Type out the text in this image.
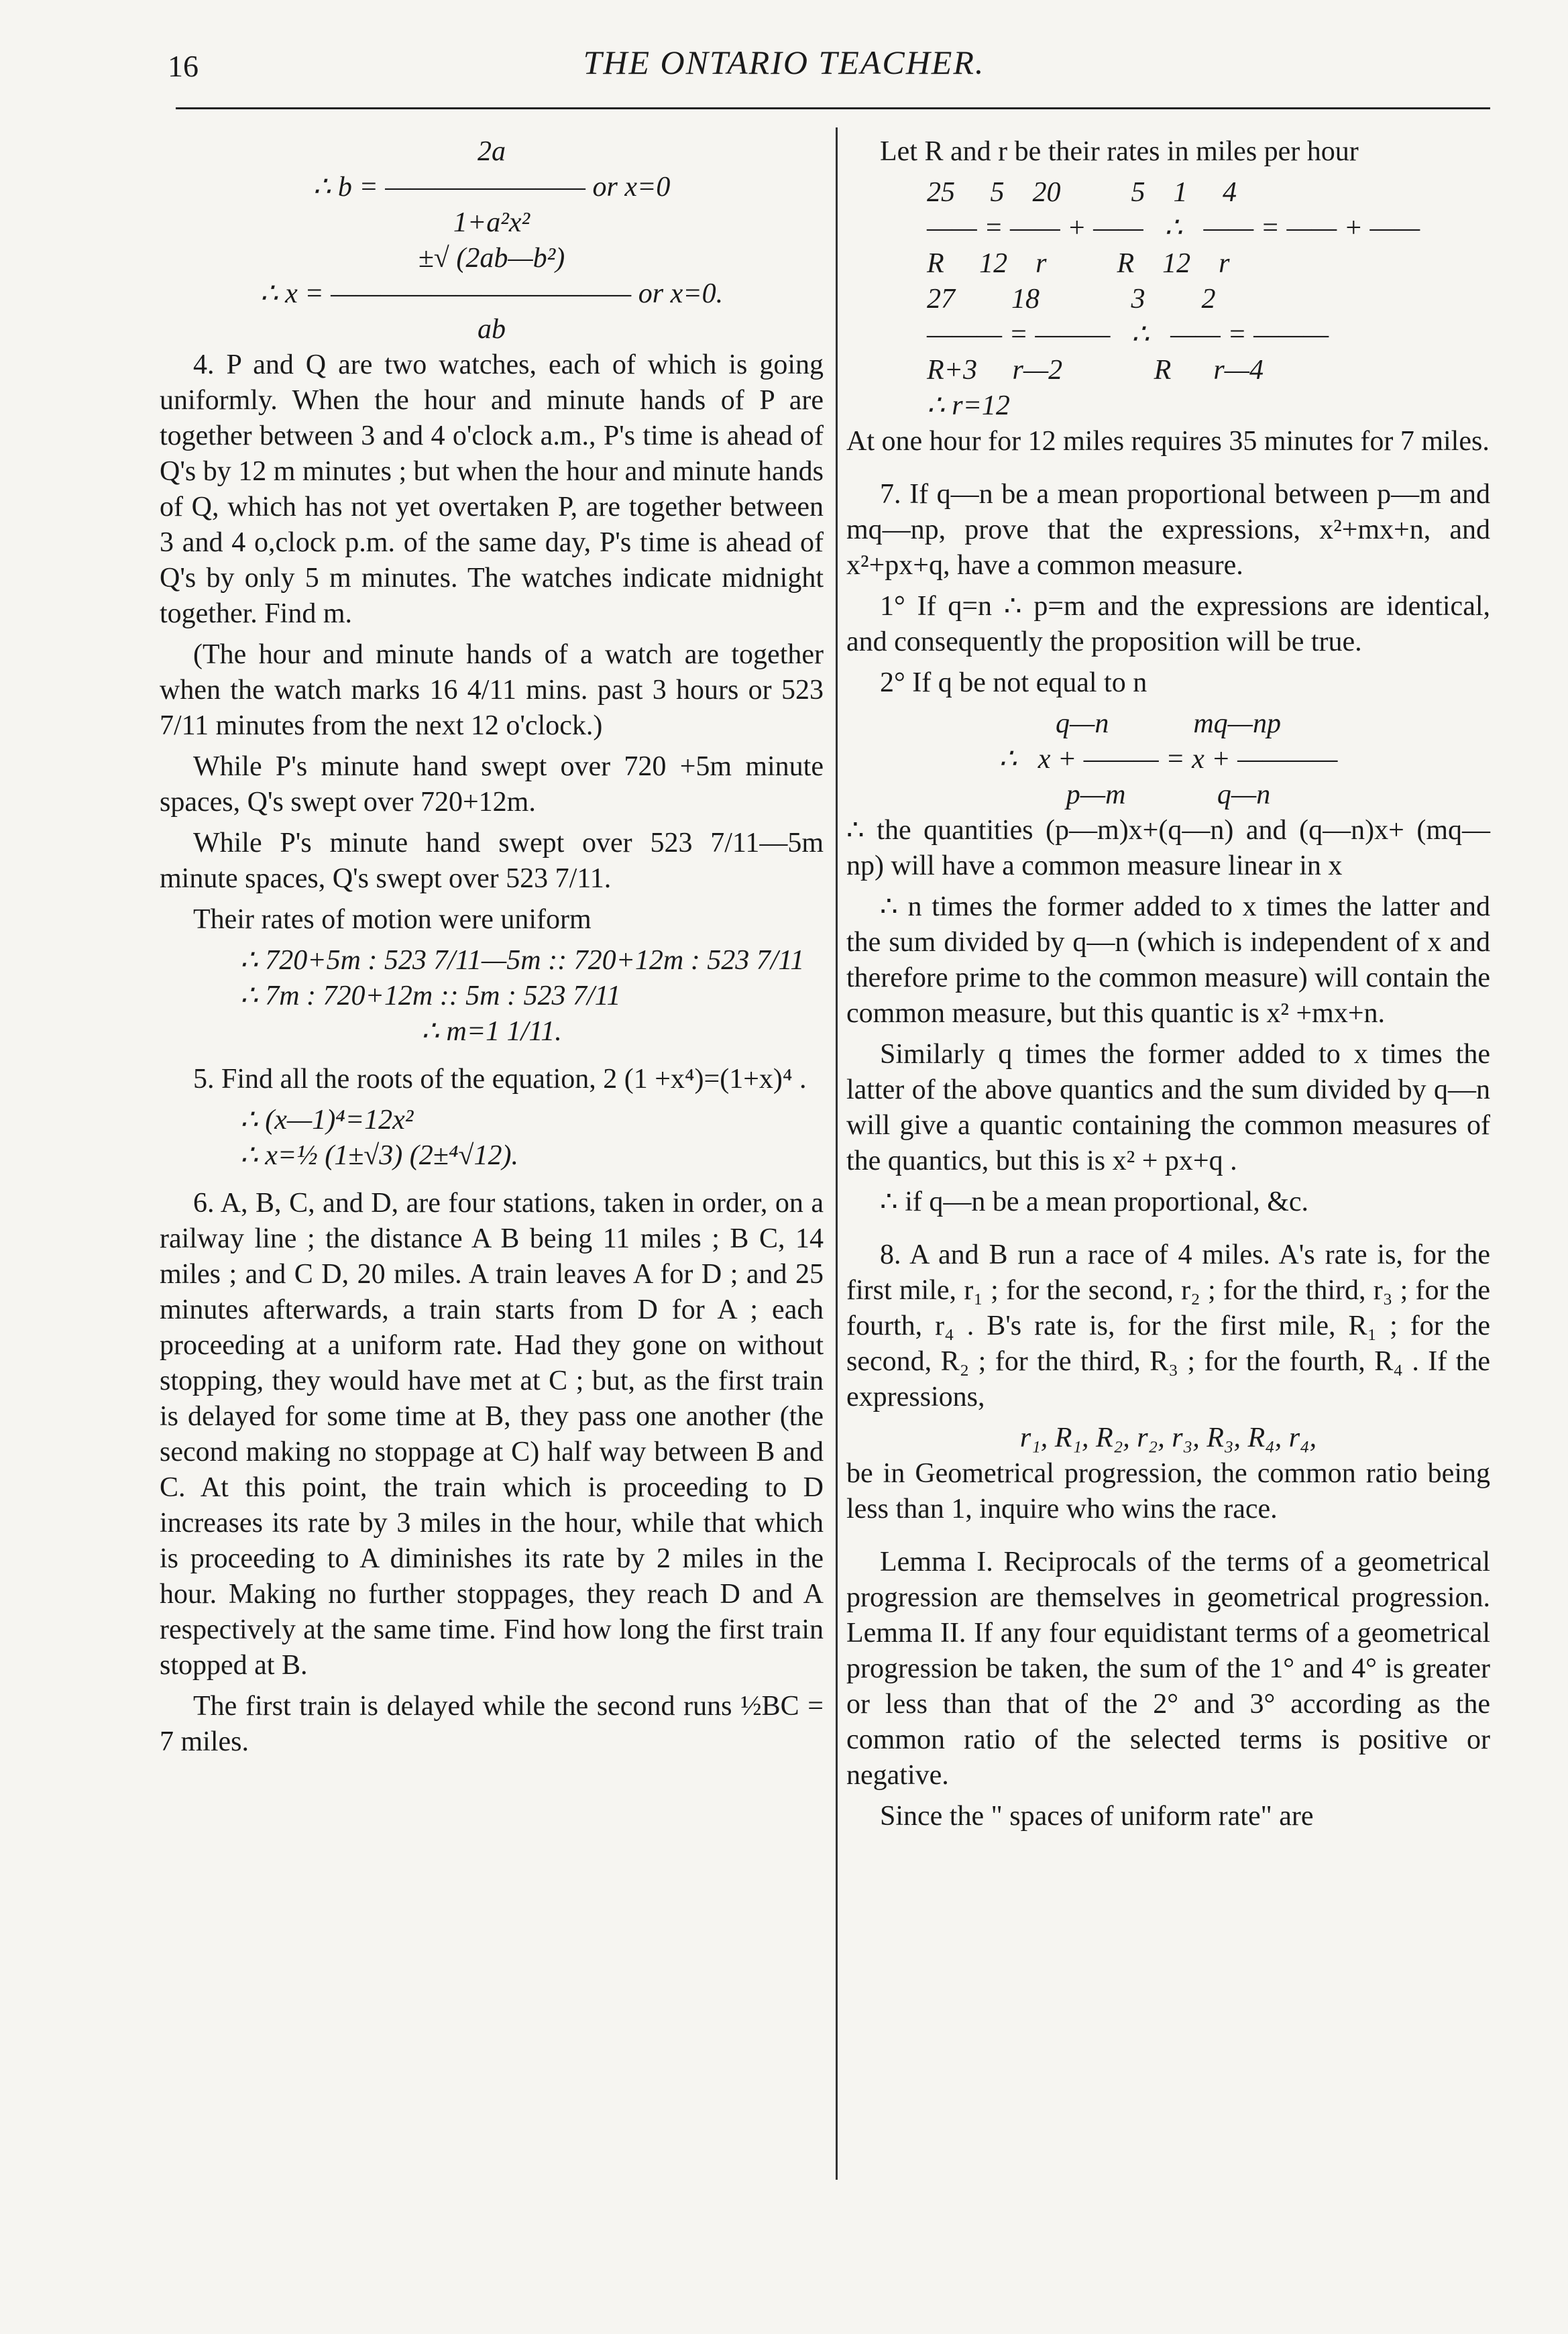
16	THE ONTARIO TEACHER.

2a

∴ b = ———————— or x=0

1+a²x²

±√ (2ab—b²)

∴ x = ———————————— or x=0.

ab

4. P and Q are two watches, each of which is going uniformly. When the hour and minute hands of P are together between 3 and 4 o'clock a.m., P's time is ahead of Q's by 12 m minutes ; but when the hour and minute hands of Q, which has not yet overtaken P, are together between 3 and 4 o,clock p.m. of the same day, P's time is ahead of Q's by only 5 m minutes. The watches indicate midnight together. Find m.

(The hour and minute hands of a watch are together when the watch marks 16 4/11 mins. past 3 hours or 523 7/11 minutes from the next 12 o'clock.)

While P's minute hand swept over 720 +5m minute spaces, Q's swept over 720+12m.

While P's minute hand swept over 523 7/11—5m minute spaces, Q's swept over 523 7/11.

Their rates of motion were uniform

∴ 720+5m : 523 7/11—5m :: 720+12m : 523 7/11

∴ 7m : 720+12m :: 5m : 523 7/11

∴ m=1 1/11.

5. Find all the roots of the equation, 2 (1 +x⁴)=(1+x)⁴ .

∴ (x—1)⁴=12x²

∴ x=½ (1±√3) (2±⁴√12).

6. A, B, C, and D, are four stations, taken in order, on a railway line ; the distance A B being 11 miles ; B C, 14 miles ; and C D, 20 miles. A train leaves A for D ; and 25 minutes afterwards, a train starts from D for A ; each proceeding at a uniform rate. Had they gone on without stopping, they would have met at C ; but, as the first train is delayed for some time at B, they pass one another (the second making no stoppage at C) half way between B and C. At this point, the train which is proceeding to D increases its rate by 3 miles in the hour, while that which is proceeding to A diminishes its rate by 2 miles in the hour. Making no further stoppages, they reach D and A respectively at the same time. Find how long the first train stopped at B.

The first train is delayed while the second runs ½BC = 7 miles.

Let R and r be their rates in miles per hour

25     5    20          5    1     4

—— = —— + ——   ∴   —— = —— + ——

R     12    r          R    12    r

27        18             3        2

——— = ———   ∴   —— = ———

R+3     r—2             R      r—4

∴ r=12

At one hour for 12 miles requires 35 minutes for 7 miles.

7. If q—n be a mean proportional between p—m and mq—np, prove that the expressions, x²+mx+n, and x²+px+q, have a common measure.

1° If q=n ∴ p=m and the expressions are identical, and consequently the proposition will be true.

2° If q be not equal to n

q—n            mq—np

∴   x + ——— = x + ————

p—m             q—n

∴ the quantities (p—m)x+(q—n) and (q—n)x+ (mq—np) will have a common measure linear in x

∴ n times the former added to x times the latter and the sum divided by q—n (which is independent of x and therefore prime to the common measure) will contain the common measure, but this quantic is x² +mx+n.

Similarly q times the former added to x times the latter of the above quantics and the sum divided by q—n will give a quantic containing the common measures of the quantics, but this is x² + px+q .

∴ if q—n be a mean proportional, &c.

8. A and B run a race of 4 miles. A's rate is, for the first mile, r₁ ; for the second, r₂ ; for the third, r₃ ; for the fourth, r₄ . B's rate is, for the first mile, R₁ ; for the second, R₂ ; for the third, R₃ ; for the fourth, R₄ . If the expressions,

r₁, R₁, R₂, r₂, r₃, R₃, R₄, r₄,

be in Geometrical progression, the common ratio being less than 1, inquire who wins the race.

Lemma I. Reciprocals of the terms of a geometrical progression are themselves in geometrical progression. Lemma II. If any four equidistant terms of a geometrical progression be taken, the sum of the 1° and 4° is greater or less than that of the 2° and 3° according as the common ratio of the selected terms is positive or negative.

Since the " spaces of uniform rate" are
